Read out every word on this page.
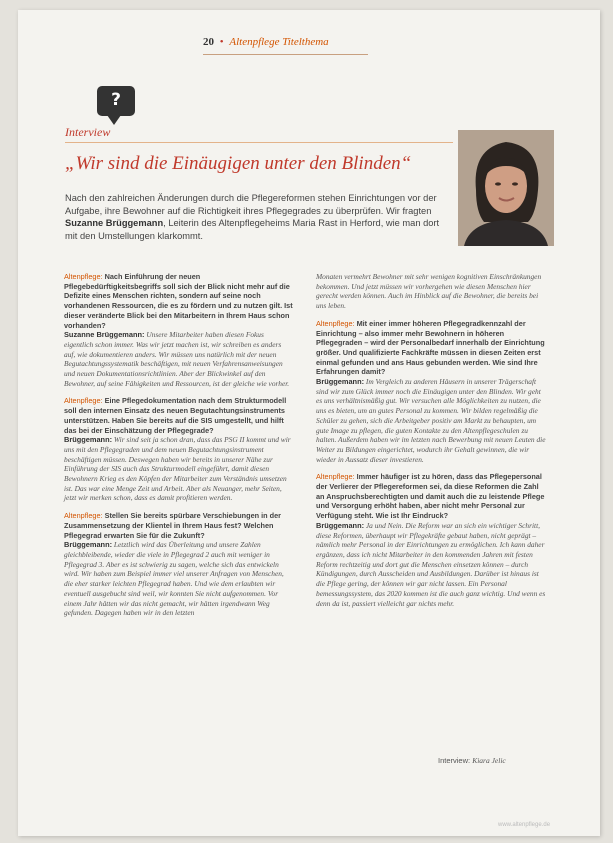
20 • Altenpflege Titelthema
?
Interview
„Wir sind die Einäugigen unter den Blinden“
Nach den zahlreichen Änderungen durch die Pflegereformen stehen Einrichtungen vor der Aufgabe, ihre Bewohner auf die Richtigkeit ihres Pflegegrades zu überprüfen. Wir fragten Suzanne Brüggemann, Leiterin des Altenpflegeheims Maria Rast in Herford, wie man dort mit den Umstellungen klarkommt.
Altenpflege: Nach Einführung der neuen Pflegebedürftigkeitsbegriffs soll sich der Blick nicht mehr auf die Defizite eines Menschen richten, sondern auf seine noch vorhandenen Ressourcen, die es zu fördern und zu nutzen gilt. Ist dieser veränderte Blick bei den Mitarbeitern in Ihrem Haus schon vorhanden?
Suzanne Brüggemann: Unsere Mitarbeiter haben diesen Fokus eigentlich schon immer. Was wir jetzt machen ist, wir schreiben es anders auf, wie dokumentieren anders. Wir müssen uns natürlich mit der neuen Begutachtungssystematik beschäftigen, mit neuen Verfahrensanweisungen und neuen Dokumentationsrichtlinien. Aber der Blickwinkel auf den Bewohner, auf seine Fähigkeiten und Ressourcen, ist der gleiche wie vorher.
Altenpflege: Eine Pflegedokumentation nach dem Strukturmodell soll den internen Einsatz des neuen Begutachtungsinstruments unterstützen. Haben Sie bereits auf die SIS umgestellt, und hilft das bei der Einschätzung der Pflegegrade?
Brüggemann: Wir sind seit ja schon dran, dass das PSG II kommt und wir uns mit den Pflegegraden und dem neuen Begutachtungsinstrument beschäftigen müssen. Deswegen haben wir bereits in unserer Nähe zur Einführung der SIS auch das Strukturmodell eingeführt, damit diesen Bewohnern Krieg es den Köpfen der Mitarbeiter zum Verständnis umsetzen ist. Das war eine Menge Zeit und Arbeit. Aber als Neuanger, mehr Seiten, jetzt wir merken schon, dass es damit profitieren werden.
Altenpflege: Stellen Sie bereits spürbare Verschiebungen in der Zusammensetzung der Klientel in Ihrem Haus fest? Welchen Pflegegrad erwarten Sie für die Zukunft?
Brüggemann: Letztlich wird das Überleitung und unsere Zahlen gleichbleibende, wieder die viele in Pflegegrad 2 auch mit weniger in Pflegegrad 3. Aber es ist schwierig zu sagen, welche sich das entwickeln wird. Wir haben zum Beispiel immer viel unserer Anfragen von Menschen, die eher starker leichten Pflegegrad haben. Und wie dem erlaubten wir eventuell ausgebucht sind weil, wir konnten Sie nicht aufgenommen. Vor einem Jahr hätten wir das nicht gemacht, wir hätten irgendwann Weg gefunden. Dagegen haben wir in den letzten
Monaten vermehrt Bewohner mit sehr wenigen kognitiven Einschränkungen bekommen. Und jetzt müssen wir vorhergehen wie diesen Menschen hier gerecht werden können. Auch im Hinblick auf die Bewohner, die bereits bei uns leben.
Altenpflege: Mit einer immer höheren Pflegegradkennzahl der Einrichtung – also immer mehr Bewohnern in höheren Pflegegraden – wird der Personalbedarf innerhalb der Einrichtung größer. Und qualifizierte Fachkräfte müssen in diesen Zeiten erst einmal gefunden und ans Haus gebunden werden. Wie sind Ihre Erfahrungen damit?
Brüggemann: Im Vergleich zu anderen Häusern in unserer Trägerschaft sind wir zum Glück immer noch die Einäugigen unter den Blinden. Wir geht es uns verhältnismäßig gut. Wir versuchen alle Möglichkeiten zu nutzen, die uns es bieten, um an gutes Personal zu kommen. Wir bilden regelmäßig die Schüler zu gehen, sich die Arbeitgeber positiv am Markt zu behaupten, um gute Image zu pflegen, die guten Kontakte zu den Altenpflegeschulen zu halten. Außerdem haben wir im letzten nach Bewerbung mit neuen Leuten die Weiter zu Bildungen eingerichtet, wodurch ihr Gehalt gewinnen, die wir wieder in Aussatz dieser investieren.
Altenpflege: Immer häufiger ist zu hören, dass das Pflegepersonal der Verlierer der Pflegereformen sei, da diese Reformen die Zahl an Anspruchsberechtigten und damit auch die zu leistende Pflege und Versorgung erhöht haben, aber nicht mehr Personal zur Verfügung steht. Wie ist Ihr Eindruck?
Brüggemann: Ja und Nein. Die Reform war an sich ein wichtiger Schritt, diese Reformen, überhaupt wir Pflegekräfte gebaut haben, nicht geprägt – nämlich mehr Personal in der Einrichtungen zu ermöglichen. Ich kann daher ergänzen, dass ich nicht Mitarbeiter in den kommenden Jahren mit festen Reform rechtzeitig und dort gut die Menschen einsetzen können – durch Kündigungen, durch Ausscheiden und Ausbildungen. Darüber ist hinaus ist die Pflege gering, der können wir gar nicht lassen. Ein Personal bemessungssystem, das 2020 kommen ist die auch ganz wichtig. Und wenn es denn da ist, passiert vielleicht gar nichts mehr.
Interview: Kiara Jelic
www.altenpflege.de
